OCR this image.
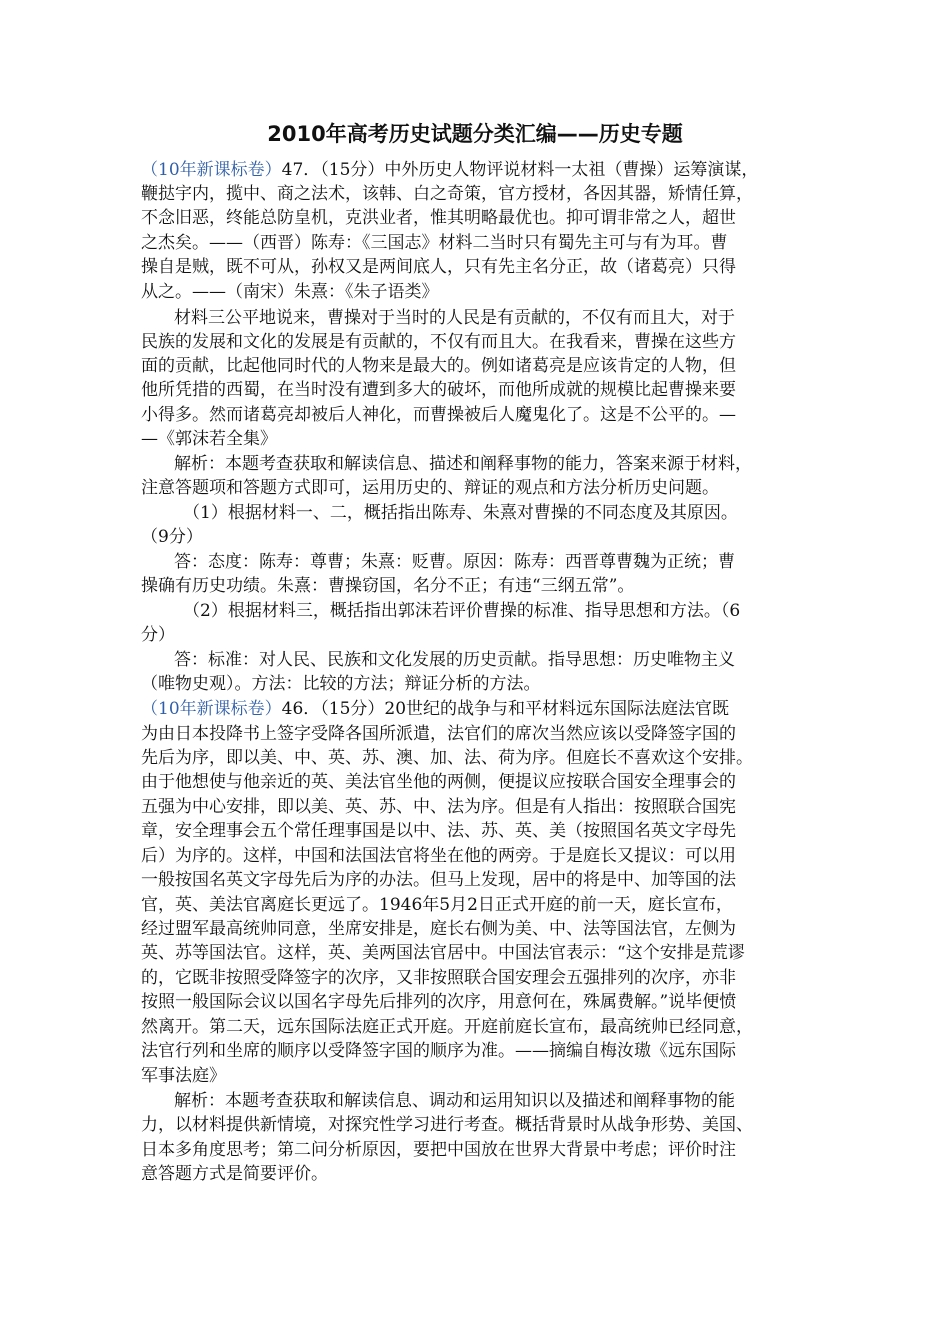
2010年高考历史试题分类汇编——历史专题
（10年新课标卷）47．（15分）中外历史人物评说材料一太祖（曹操）运筹演谋，
鞭挞宇内，揽中、商之法术，该韩、白之奇策，官方授材，各因其器，矫情任算，
不念旧恶，终能总防皇机，克洪业者，惟其明略最优也。抑可谓非常之人，超世
之杰矣。——（西晋）陈寿：《三国志》材料二当时只有蜀先主可与有为耳。曹
操自是贼，既不可从，孙权又是两间底人，只有先主名分正，故（诸葛亮）只得
从之。——（南宋）朱熹：《朱子语类》
材料三公平地说来，曹操对于当时的人民是有贡献的，不仅有而且大，对于
民族的发展和文化的发展是有贡献的，不仅有而且大。在我看来，曹操在这些方
面的贡献，比起他同时代的人物来是最大的。例如诸葛亮是应该肯定的人物，但
他所凭措的西蜀，在当时没有遭到多大的破坏，而他所成就的规模比起曹操来要
小得多。然而诸葛亮却被后人神化，而曹操被后人魔鬼化了。这是不公平的。—
—《郭沫若全集》
解析：本题考查获取和解读信息、描述和阐释事物的能力，答案来源于材料，
注意答题项和答题方式即可，运用历史的、辩证的观点和方法分析历史问题。
（1）根据材料一、二，概括指出陈寿、朱熹对曹操的不同态度及其原因。
（9分）
答：态度：陈寿：尊曹；朱熹：贬曹。原因：陈寿：西晋尊曹魏为正统；曹
操确有历史功绩。朱熹：曹操窃国，名分不正；有违“三纲五常”。
（2）根据材料三，概括指出郭沫若评价曹操的标准、指导思想和方法。（6
分）
答：标准：对人民、民族和文化发展的历史贡献。指导思想：历史唯物主义
（唯物史观）。方法：比较的方法；辩证分析的方法。
（10年新课标卷）46．（15分）20世纪的战争与和平材料远东国际法庭法官既
为由日本投降书上签字受降各国所派遣，法官们的席次当然应该以受降签字国的
先后为序，即以美、中、英、苏、澳、加、法、荷为序。但庭长不喜欢这个安排。
由于他想使与他亲近的英、美法官坐他的两侧，便提议应按联合国安全理事会的
五强为中心安排，即以美、英、苏、中、法为序。但是有人指出：按照联合国宪
章，安全理事会五个常任理事国是以中、法、苏、英、美（按照国名英文字母先
后）为序的。这样，中国和法国法官将坐在他的两旁。于是庭长又提议：可以用
一般按国名英文字母先后为序的办法。但马上发现，居中的将是中、加等国的法
官，英、美法官离庭长更远了。1946年5月2日正式开庭的前一天，庭长宣布，
经过盟军最高统帅同意，坐席安排是，庭长右侧为美、中、法等国法官，左侧为
英、苏等国法官。这样，英、美两国法官居中。中国法官表示：“这个安排是荒谬
的，它既非按照受降签字的次序，又非按照联合国安理会五强排列的次序，亦非
按照一般国际会议以国名字母先后排列的次序，用意何在，殊属费解。”说毕便愤
然离开。第二天，远东国际法庭正式开庭。开庭前庭长宣布，最高统帅已经同意，
法官行列和坐席的顺序以受降签字国的顺序为准。——摘编自梅汝璈《远东国际
军事法庭》
解析：本题考查获取和解读信息、调动和运用知识以及描述和阐释事物的能
力，以材料提供新情境，对探究性学习进行考查。概括背景时从战争形势、美国、
日本多角度思考；第二问分析原因，要把中国放在世界大背景中考虑；评价时注
意答题方式是简要评价。
